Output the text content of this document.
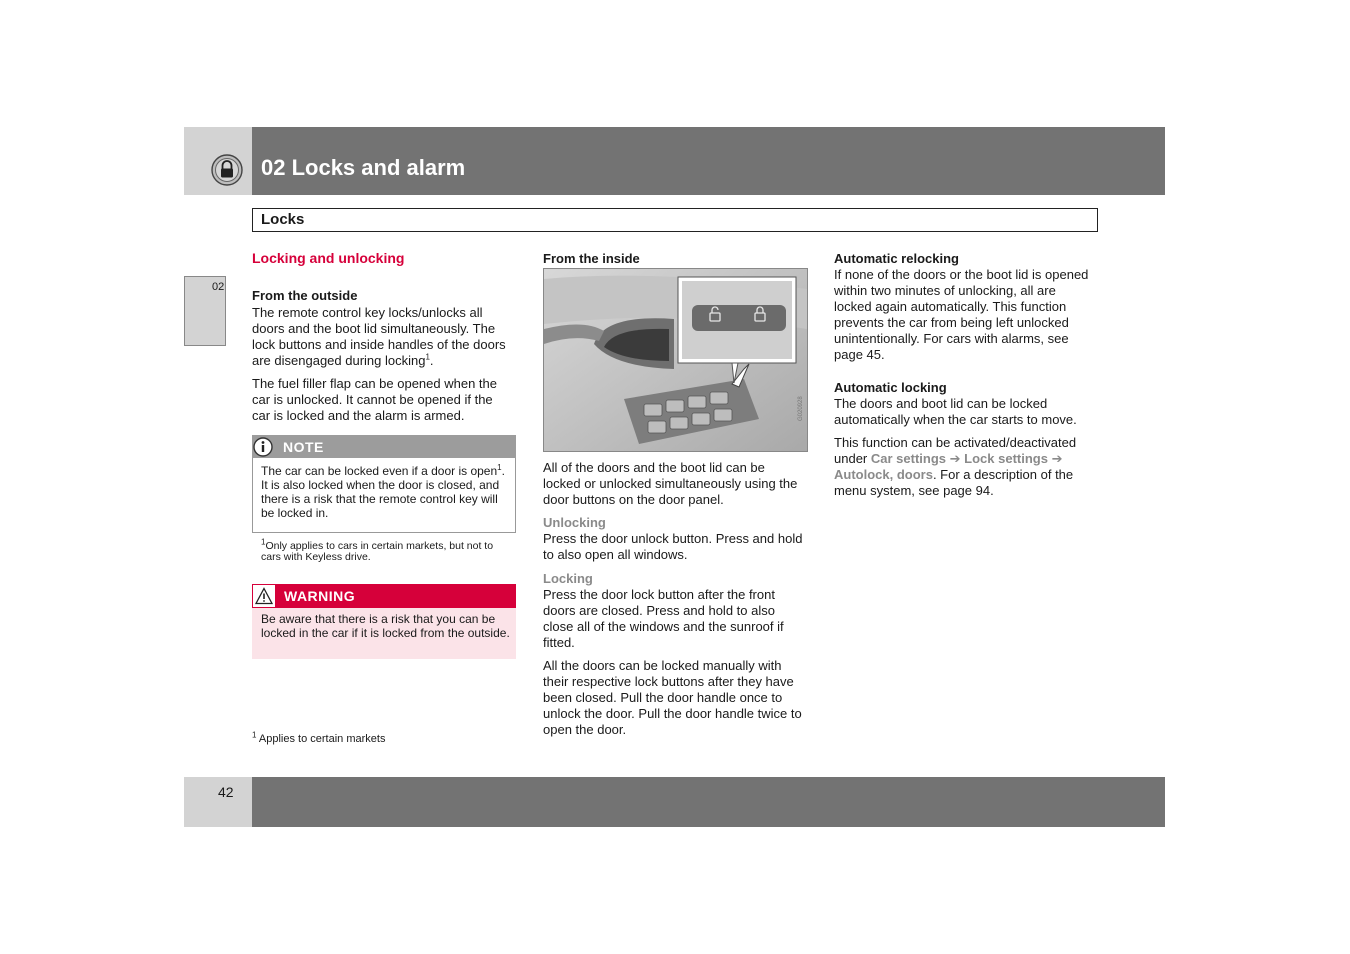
02 Locks and alarm
Locks
02
Locking and unlocking
From the outside
The remote control key locks/unlocks all doors and the boot lid simultaneously. The lock buttons and inside handles of the doors are disengaged during locking$^1$.
The fuel filler flap can be opened when the car is unlocked. It cannot be opened if the car is locked and the alarm is armed.
NOTE
The car can be locked even if a door is open$^1$. It is also locked when the door is closed, and there is a risk that the remote control key will be locked in.
$^1$Only applies to cars in certain markets, but not to cars with Keyless drive.
WARNING
Be aware that there is a risk that you can be locked in the car if it is locked from the outside.
$^1$ Applies to certain markets
From the inside
G020928
All of the doors and the boot lid can be locked or unlocked simultaneously using the door buttons on the door panel.
Unlocking
Press the door unlock button. Press and hold to also open all windows.
Locking
Press the door lock button after the front doors are closed. Press and hold to also close all of the windows and the sunroof if fitted.
All the doors can be locked manually with their respective lock buttons after they have been closed. Pull the door handle once to unlock the door. Pull the door handle twice to open the door.
Automatic relocking
If none of the doors or the boot lid is opened within two minutes of unlocking, all are locked again automatically. This function prevents the car from being left unlocked unintentionally. For cars with alarms, see page 45.
Automatic locking
The doors and boot lid can be locked automatically when the car starts to move.
This function can be activated/deactivated under Car settings ➔ Lock settings ➔ Autolock, doors. For a description of the menu system, see page 94.
42
